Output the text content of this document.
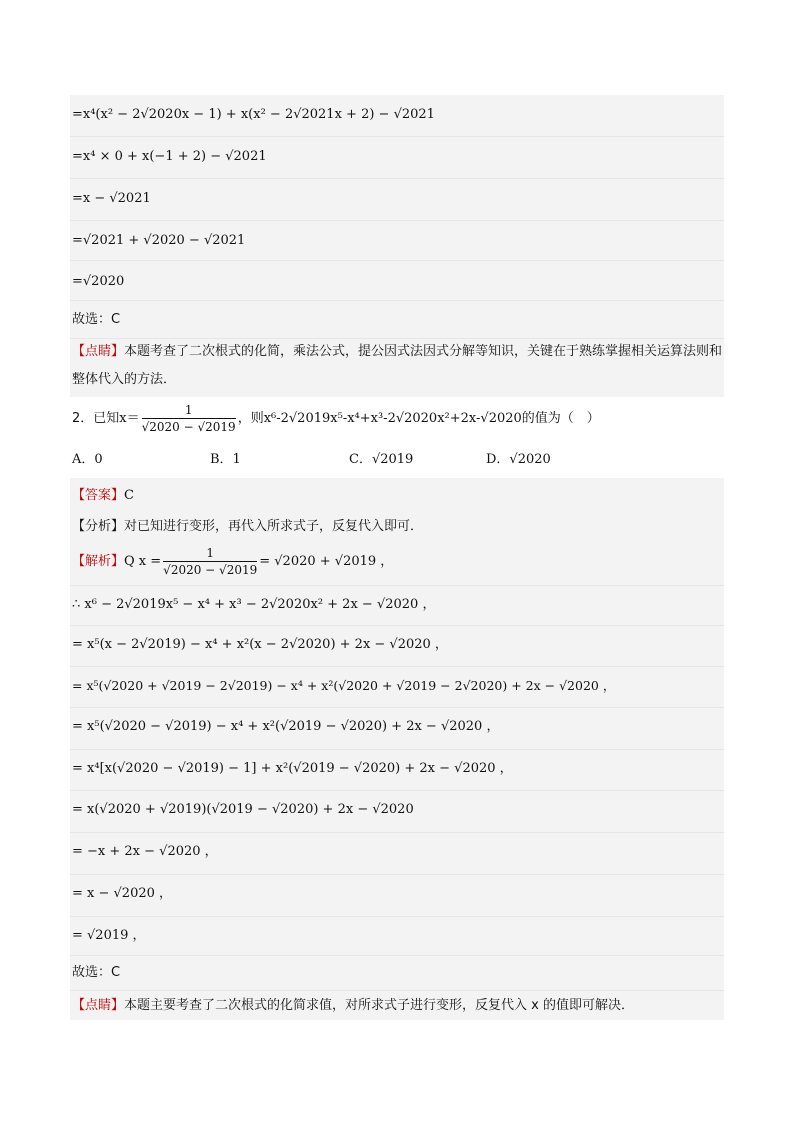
=x⁴(x² − 2√2020x − 1) + x(x² − 2√2021x + 2) − √2021
=x⁴ × 0 + x(−1 + 2) − √2021
=x − √2021
=√2021 + √2020 − √2021
=√2020
故选：C
【点睛】本题考查了二次根式的化简，乘法公式，提公因式法因式分解等知识，关键在于熟练掌握相关运算法则和整体代入的方法．
2．已知$x= \frac{1}{√2020 - √2019}$ ，则x⁶-2√2019x⁵-x⁴+x³-2√2020x²+2x-√2020的值为（　）
A．0	B．1	C．√2019	D．√2020
【答案】C
【分析】对已知进行变形，再代入所求式子，反复代入即可．
【解析】Q $x = \frac{1}{√2020 - √2019} = √2020 + √2019$ ，
∴ x⁶ − 2√2019x⁵ − x⁴ + x³ − 2√2020x² + 2x − √2020 ，
= x⁵(x − 2√2019) − x⁴ + x²(x − 2√2020) + 2x − √2020 ，
= x⁵(√2020 + √2019 − 2√2019) − x⁴ + x²(√2020 + √2019 − 2√2020) + 2x − √2020 ，
= x⁵(√2020 − √2019) − x⁴ + x²(√2019 − √2020) + 2x − √2020 ，
= x⁴[x(√2020 − √2019) − 1] + x²(√2019 − √2020) + 2x − √2020 ，
= x(√2020 + √2019)(√2019 − √2020) + 2x − √2020
= −x + 2x − √2020 ，
= x − √2020 ，
= √2019 ，
故选：C
【点睛】本题主要考查了二次根式的化简求值，对所求式子进行变形，反复代入 x 的值即可解决．
